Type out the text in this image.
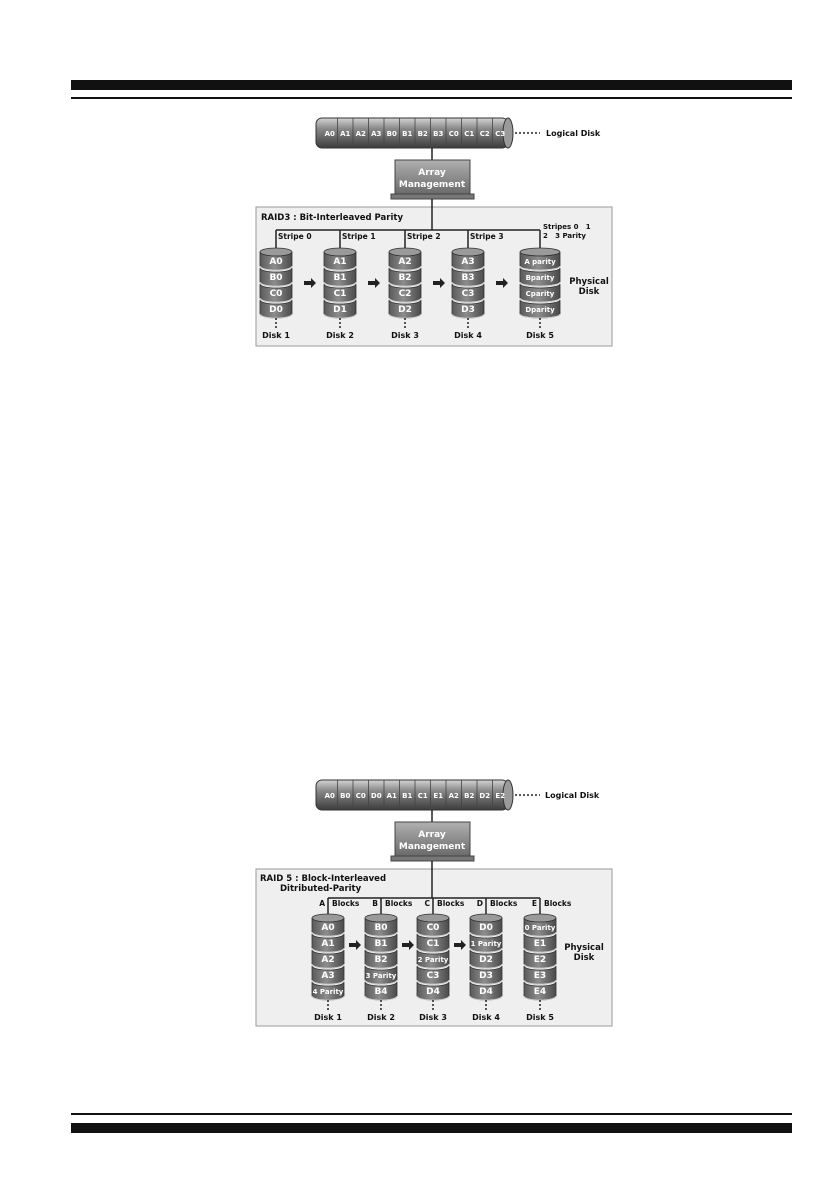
A0 A1 A2 A3 B0 B1 B2 B3 C0 C1 C2 C3	Logical Disk
Array
Management
RAID3 : Bit-Interleaved Parity
Stripe 0	Stripe 1	Stripe 2	Stripe 3
Stripes 0   1
2   3 Parity
A0
B0
C0
D0
Disk 1
A1
B1
C1
D1
Disk 2
A2
B2
C2
D2
Disk 3
A3
B3
C3
D3
Disk 4
A parity
Bparity
Cparity
Dparity
Disk 5
Physical
Disk
A0 B0 C0 D0 A1 B1 C1 E1 A2 B2 D2 E2	Logical Disk
Array
Management
RAID 5 : Block-Interleaved
Ditributed-Parity
A Blocks B Blocks C Blocks D Blocks E Blocks
A0
A1
A2
A3
4 Parity
Disk 1
B0
B1
B2
3 Parity
B4
Disk 2
C0
C1
2 Parity
C3
D4
Disk 3
D0
1 Parity
D2
D3
D4
Disk 4
0 Parity
E1
E2
E3
E4
Disk 5
Physical
Disk
